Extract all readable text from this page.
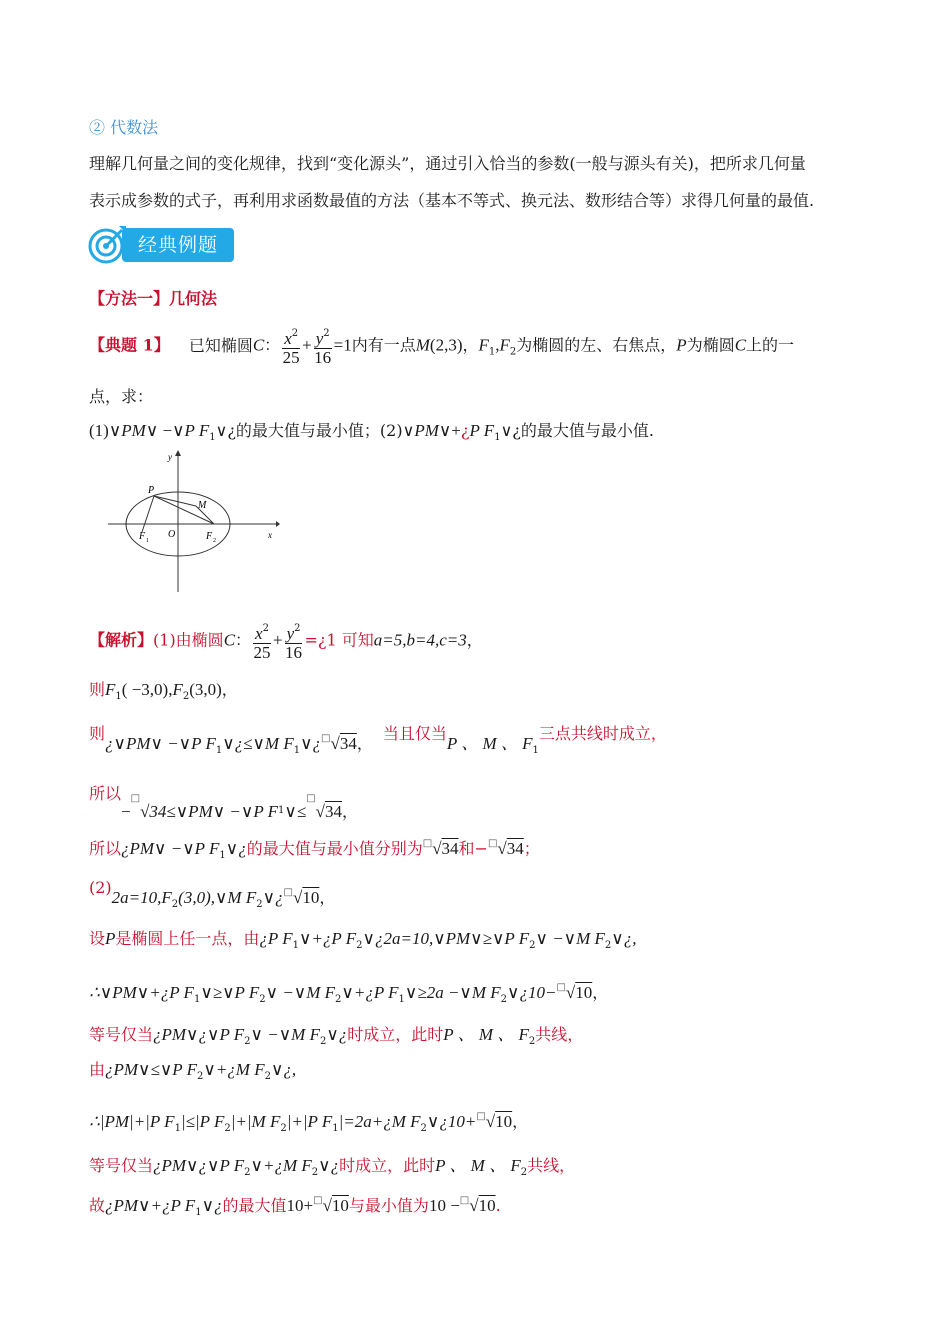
② 代数法
理解几何量之间的变化规律，找到“变化源头”，通过引入恰当的参数(一般与源头有关)，把所求几何量
表示成参数的式子，再利用求函数最值的方法（基本不等式、换元法、数形结合等）求得几何量的最值.
经典例题
【方法一】几何法
【典题 1】 已知椭圆C： $\frac{x^2}{25} + \frac{y^2}{16} =1$内有一点M(2,3)，$F_1,F_2$为椭圆的左、右焦点，P为椭圆C上的一
点，求：
(1)∨PM∨ −∨P $F_1\vee¿$的最大值与最小值；(2)∨PM∨+¿P $F_1\vee¿$的最大值与最小值.
y
x
P
M
O
F 1	F 2
【解析】(1)由椭圆C： $\frac{x^2}{25} + \frac{y^2}{16}$ =¿1 可知a=5,b=4,c=3，
则$F_1( -3,0),F_2(3,0)$，
则¿∨PM∨ −∨P $F_1\vee¿\le\vee M$ $F_1\vee¿^□√34$，当且仅当P 、 M 、 $F_1$三点共线时成立，
所以−□√34≤∨PM∨ −∨P $F_1\vee\le^□√34$，
所以¿PM∨ −∨P $F_1\vee¿$的最大值与最小值分别为□√34和−□√34；
$(2)2a=10,F_2(3,0),\vee M$ $F_2\vee¿^□√10$，
设P是椭圆上任一点，由¿P $F_1\vee+¿P$ $F_2\vee¿2a=10,\vee PM\vee\ge\vee P$ $F_2\vee$ −∨M $F_2\vee¿$,
∴∨PM∨+¿P $F_1\vee\ge\vee P$ $F_2\vee$ −∨M $F_2\vee+¿P$ $F_1\vee\ge 2a$ −∨M $F_2\vee¿10-^□√10$，
等号仅当¿PM∨¿∨P $F_2\vee$ −∨M $F_2\vee¿$时成立，此时P 、 M 、 $F_2$共线，
由¿PM∨≤∨P $F_2\vee+¿M$ $F_2\vee¿$,
∴|PM|+|P $F_1|\le|P$ $F_2|+|M$ $F_2|+|P$ $F_1|=2a+¿M$ $F_2\vee¿10+^□√10$，
等号仅当¿PM∨¿∨P $F_2\vee+¿M$ $F_2\vee¿$时成立，此时P 、 M 、 $F_2$共线，
故¿PM∨+¿P $F_1\vee¿$的最大值10+□√10与最小值为10 −□√10.
